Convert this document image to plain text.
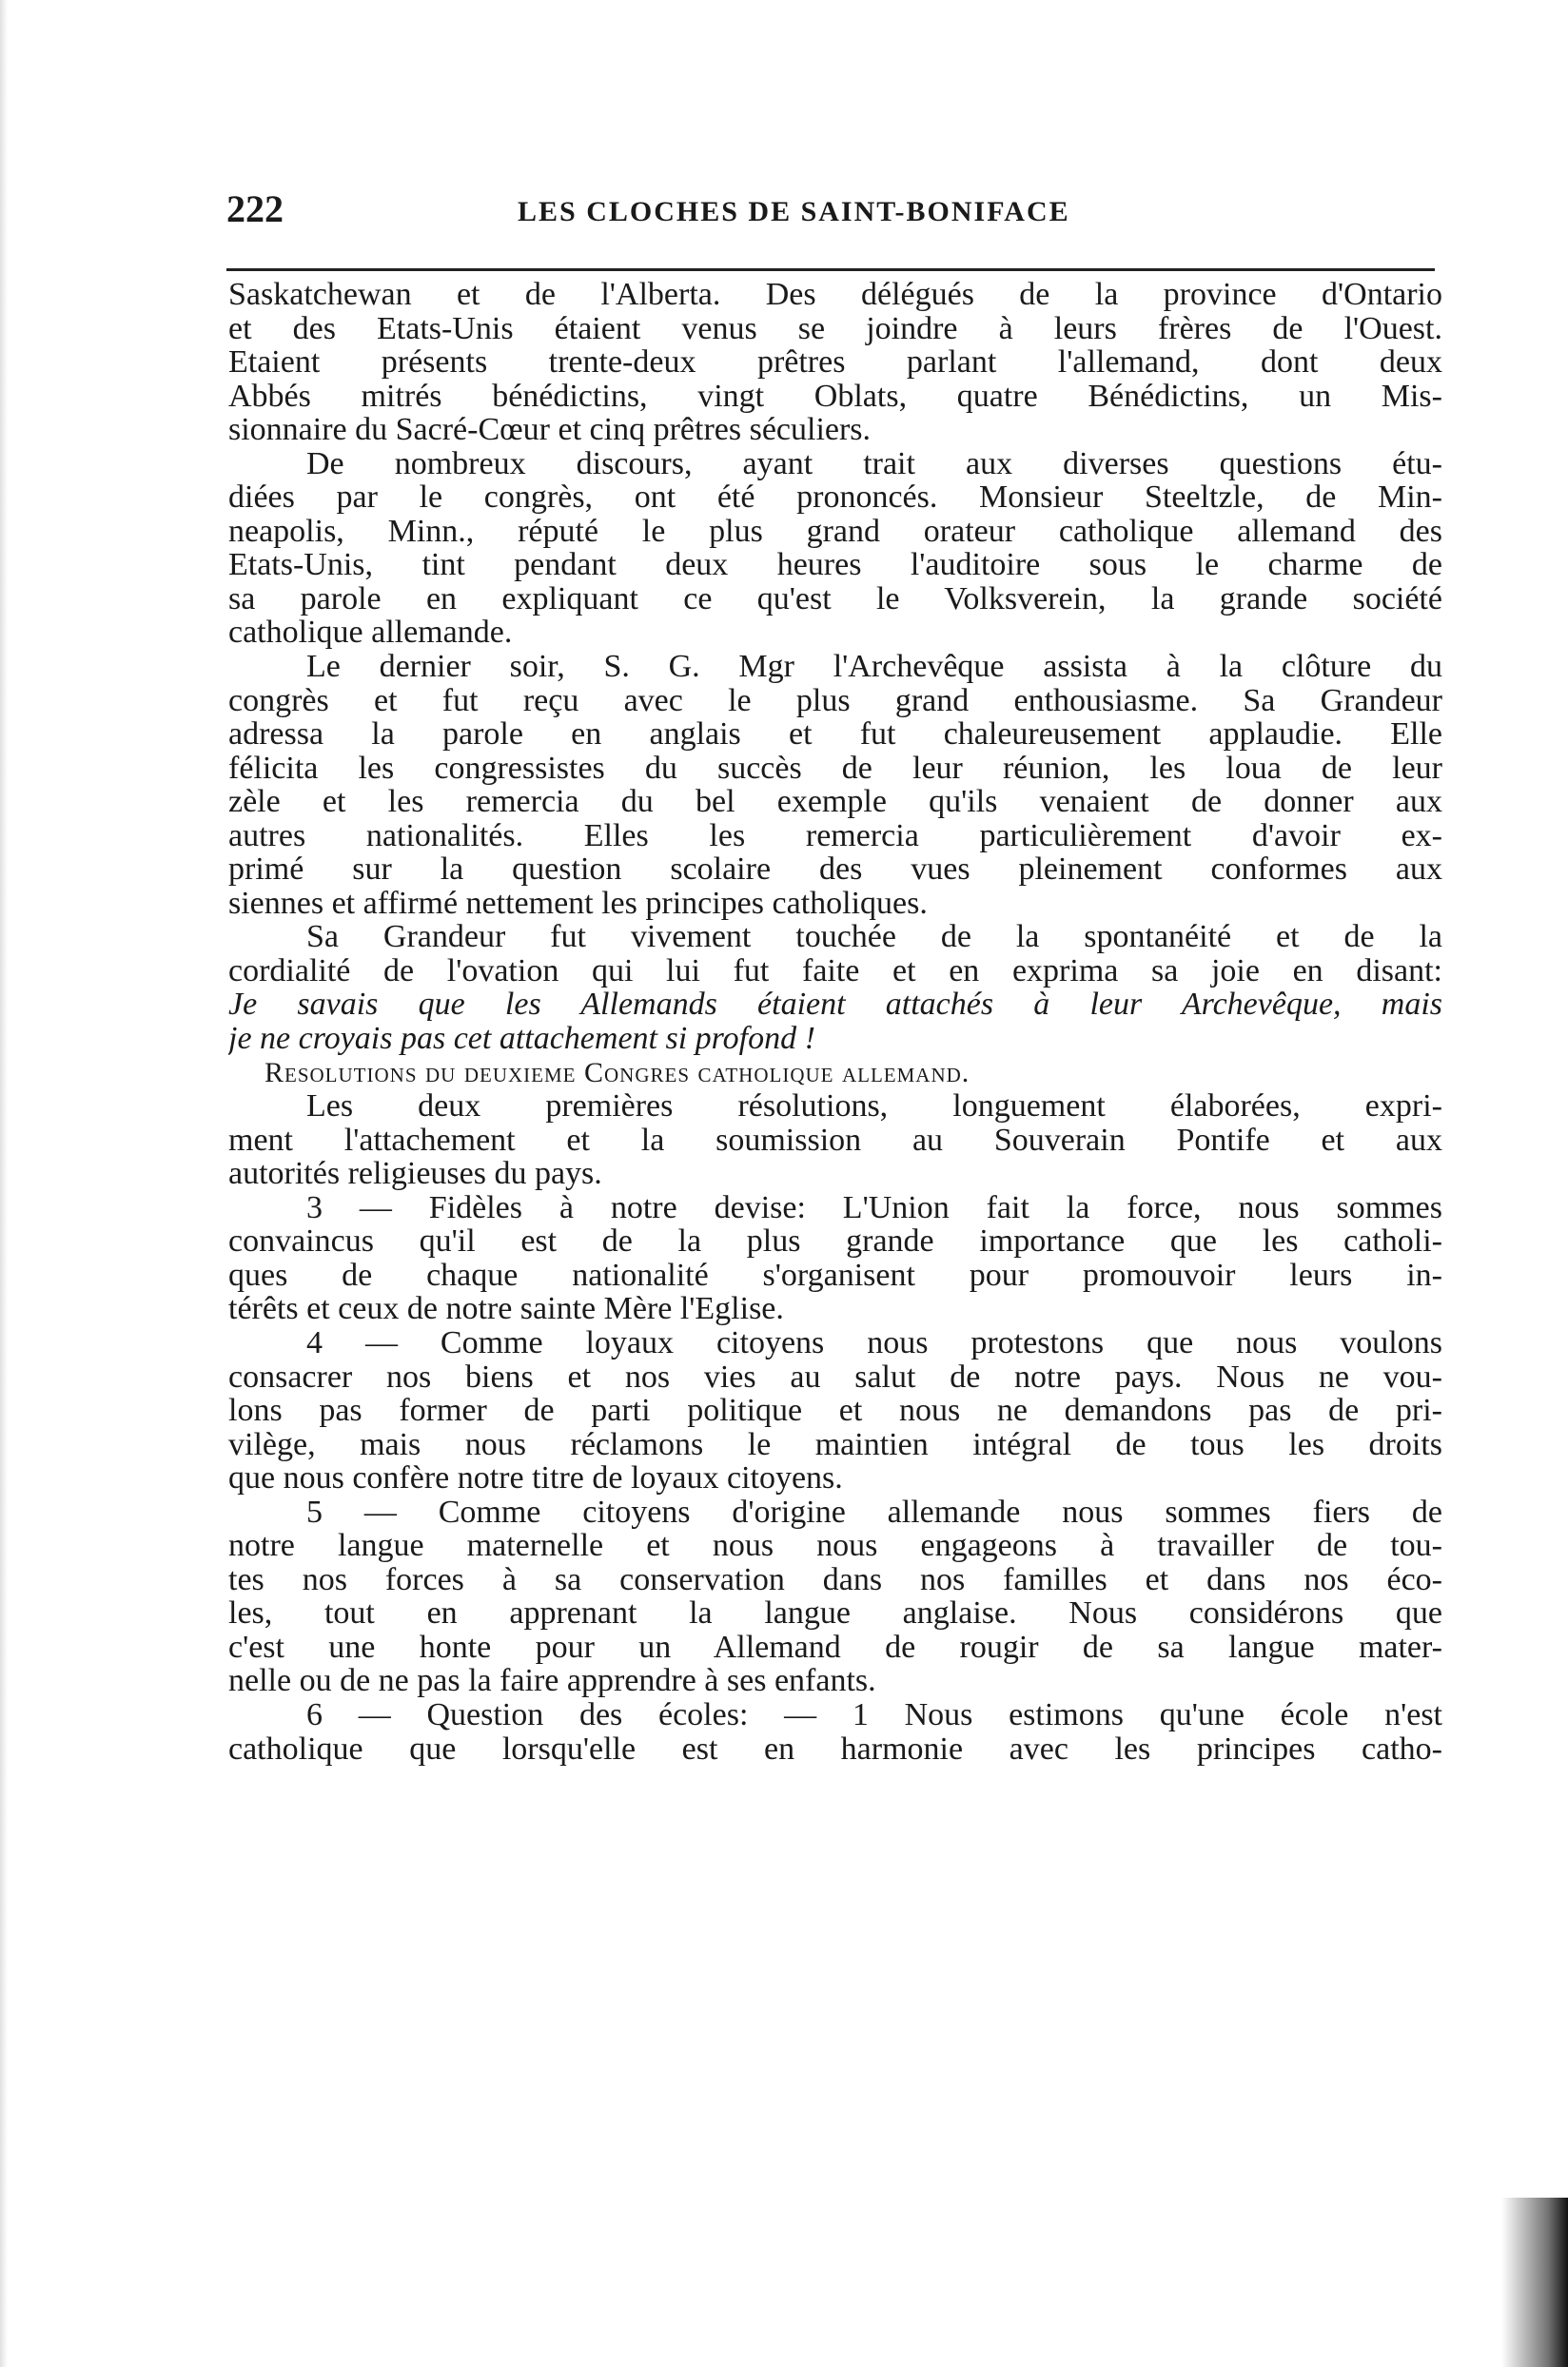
222	LES CLOCHES DE SAINT-BONIFACE
Saskatchewan et de l'Alberta. Des délégués de la province d'Ontario
et des Etats-Unis étaient venus se joindre à leurs frères de l'Ouest.
Etaient présents trente-deux prêtres parlant l'allemand, dont deux
Abbés mitrés bénédictins, vingt Oblats, quatre Bénédictins, un Mis-
sionnaire du Sacré-Cœur et cinq prêtres séculiers.
De nombreux discours, ayant trait aux diverses questions étu-
diées par le congrès, ont été prononcés. Monsieur Steeltzle, de Min-
neapolis, Minn., réputé le plus grand orateur catholique allemand des
Etats-Unis, tint pendant deux heures l'auditoire sous le charme de
sa parole en expliquant ce qu'est le Volksverein, la grande société
catholique allemande.
Le dernier soir, S. G. Mgr l'Archevêque assista à la clôture du
congrès et fut reçu avec le plus grand enthousiasme. Sa Grandeur
adressa la parole en anglais et fut chaleureusement applaudie. Elle
félicita les congressistes du succès de leur réunion, les loua de leur
zèle et les remercia du bel exemple qu'ils venaient de donner aux
autres nationalités. Elles les remercia particulièrement d'avoir ex-
primé sur la question scolaire des vues pleinement conformes aux
siennes et affirmé nettement les principes catholiques.
Sa Grandeur fut vivement touchée de la spontanéité et de la
cordialité de l'ovation qui lui fut faite et en exprima sa joie en disant:
Je savais que les Allemands étaient attachés à leur Archevêque, mais
je ne croyais pas cet attachement si profond !
Resolutions du deuxieme Congres catholique allemand.
Les deux premières résolutions, longuement élaborées, expri-
ment l'attachement et la soumission au Souverain Pontife et aux
autorités religieuses du pays.
3 — Fidèles à notre devise: L'Union fait la force, nous sommes
convaincus qu'il est de la plus grande importance que les catholi-
ques de chaque nationalité s'organisent pour promouvoir leurs in-
térêts et ceux de notre sainte Mère l'Eglise.
4 — Comme loyaux citoyens nous protestons que nous voulons
consacrer nos biens et nos vies au salut de notre pays. Nous ne vou-
lons pas former de parti politique et nous ne demandons pas de pri-
vilège, mais nous réclamons le maintien intégral de tous les droits
que nous confère notre titre de loyaux citoyens.
5 — Comme citoyens d'origine allemande nous sommes fiers de
notre langue maternelle et nous nous engageons à travailler de tou-
tes nos forces à sa conservation dans nos familles et dans nos éco-
les, tout en apprenant la langue anglaise. Nous considérons que
c'est une honte pour un Allemand de rougir de sa langue mater-
nelle ou de ne pas la faire apprendre à ses enfants.
6 — Question des écoles: — 1 Nous estimons qu'une école n'est
catholique que lorsqu'elle est en harmonie avec les principes catho-
